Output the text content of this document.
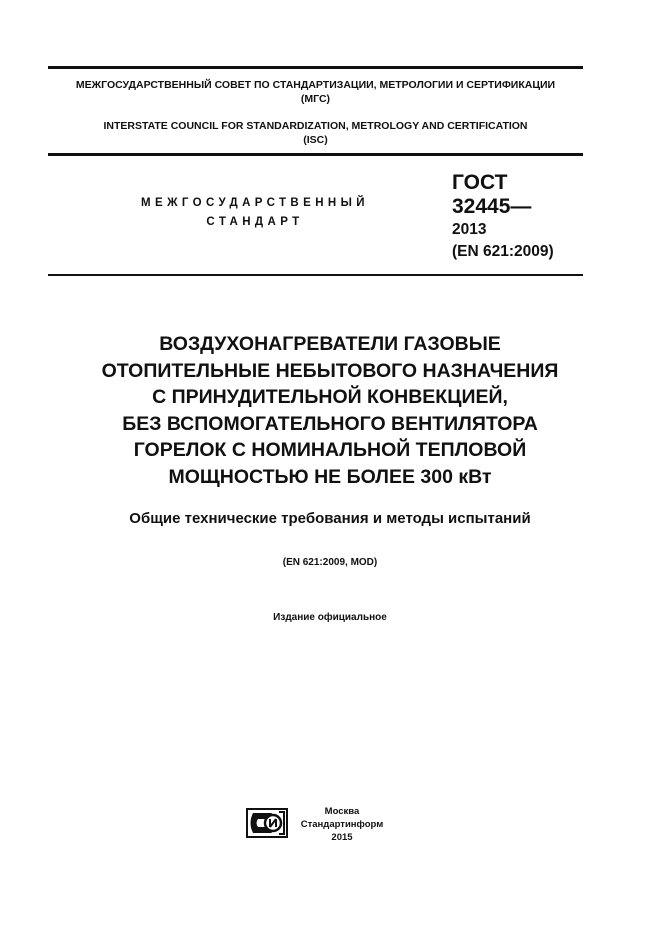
МЕЖГОСУДАРСТВЕННЫЙ СОВЕТ ПО СТАНДАРТИЗАЦИИ, МЕТРОЛОГИИ И СЕРТИФИКАЦИИ
(МГС)
INTERSTATE COUNCIL FOR STANDARDIZATION, METROLOGY AND CERTIFICATION
(ISC)
МЕЖГОСУДАРСТВЕННЫЙ
СТАНДАРТ
ГОСТ
32445—
2013
(EN 621:2009)
ВОЗДУХОНАГРЕВАТЕЛИ ГАЗОВЫЕ
ОТОПИТЕЛЬНЫЕ НЕБЫТОВОГО НАЗНАЧЕНИЯ
С ПРИНУДИТЕЛЬНОЙ КОНВЕКЦИЕЙ,
БЕЗ ВСПОМОГАТЕЛЬНОГО ВЕНТИЛЯТОРА
ГОРЕЛОК С НОМИНАЛЬНОЙ ТЕПЛОВОЙ
МОЩНОСТЬЮ НЕ БОЛЕЕ 300 кВт
Общие технические требования и методы испытаний
(EN 621:2009, MOD)
Издание официальное
Москва
Стандартинформ
2015
